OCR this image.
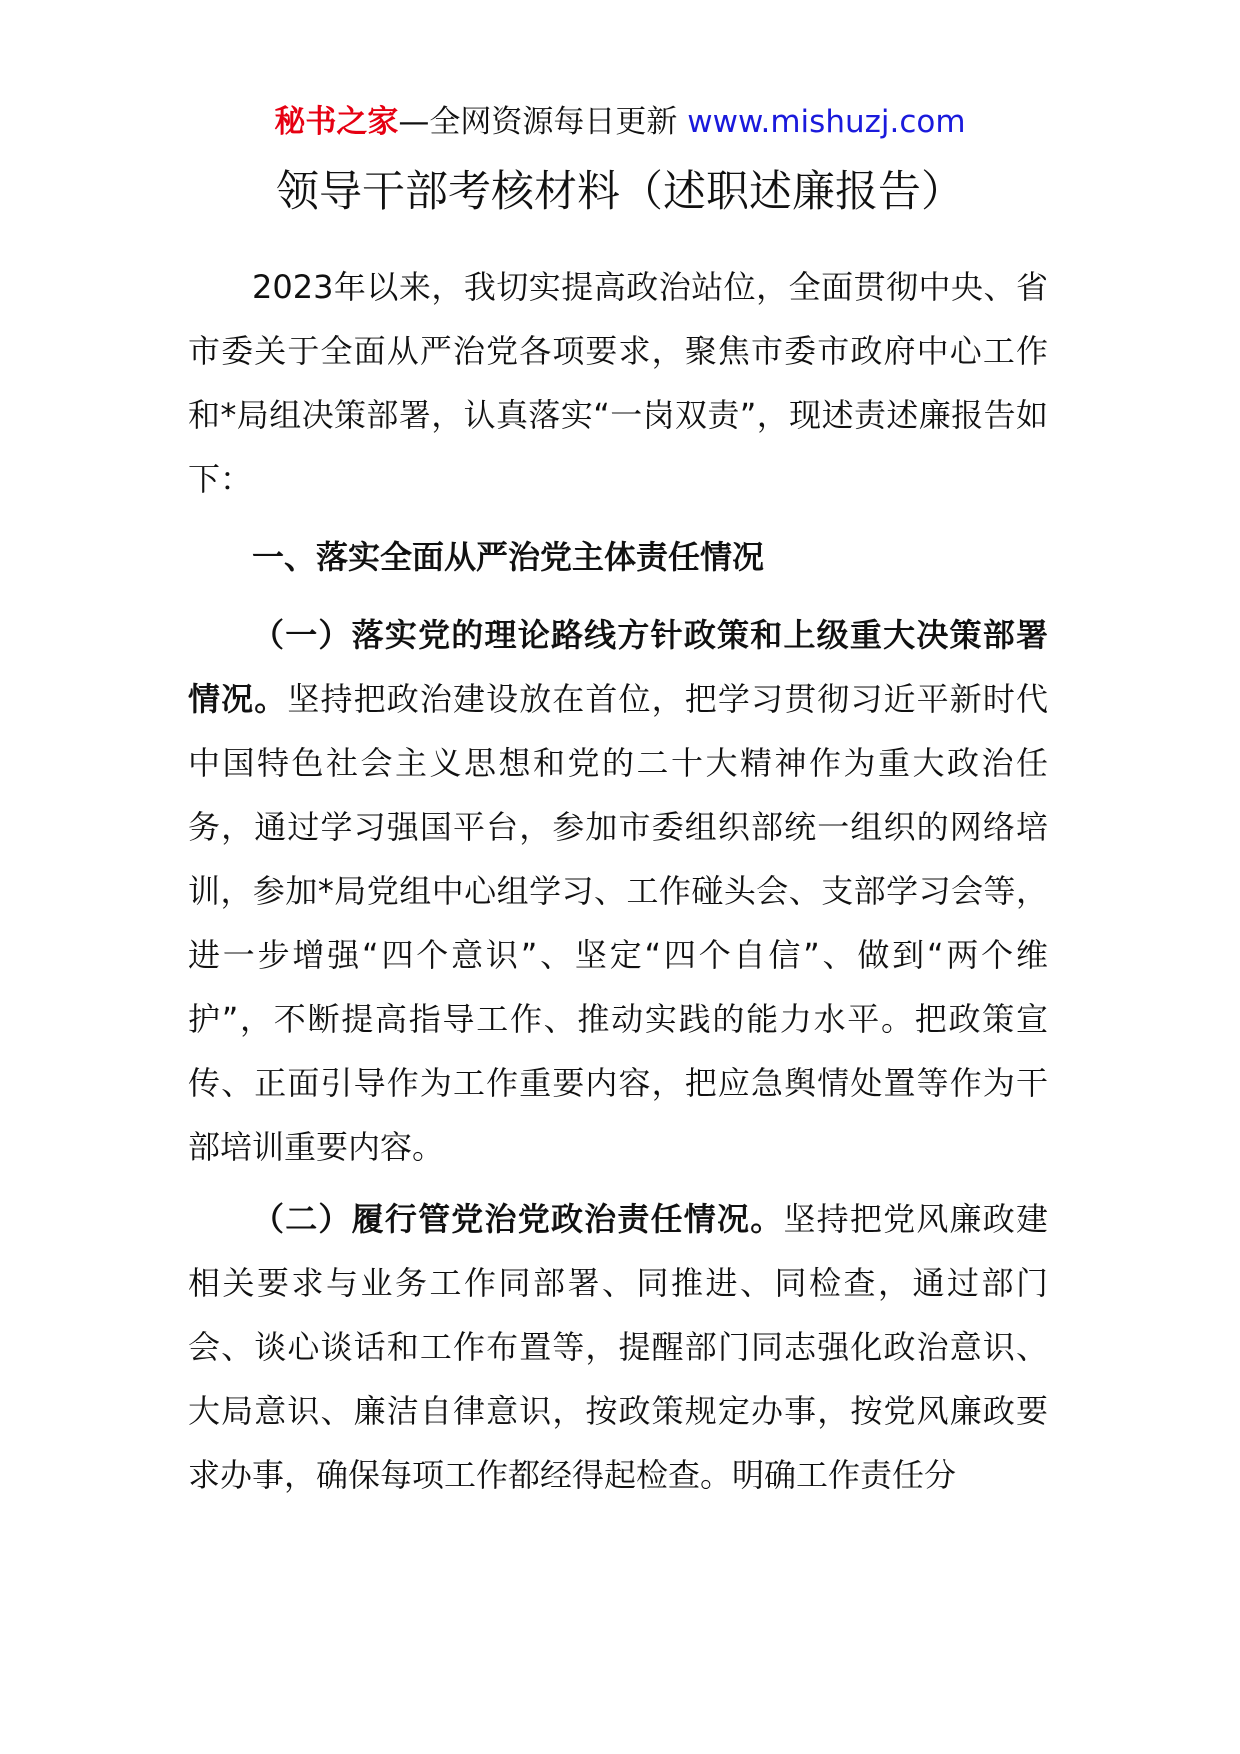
秘书之家—全网资源每日更新 www.mishuzj.com
领导干部考核材料（述职述廉报告）

2023年以来，我切实提高政治站位，全面贯彻中央、省市委关于全面从严治党各项要求，聚焦市委市政府中心工作和*局组决策部署，认真落实“一岗双责”，现述责述廉报告如下：

一、落实全面从严治党主体责任情况

（一）落实党的理论路线方针政策和上级重大决策部署情况。坚持把政治建设放在首位，把学习贯彻习近平新时代中国特色社会主义思想和党的二十大精神作为重大政治任务，通过学习强国平台，参加市委组织部统一组织的网络培训，参加*局党组中心组学习、工作碰头会、支部学习会等，进一步增强“四个意识”、坚定“四个自信”、做到“两个维护”，不断提高指导工作、推动实践的能力水平。把政策宣传、正面引导作为工作重要内容，把应急舆情处置等作为干部培训重要内容。

（二）履行管党治党政治责任情况。坚持把党风廉政建相关要求与业务工作同部署、同推进、同检查，通过部门会、谈心谈话和工作布置等，提醒部门同志强化政治意识、大局意识、廉洁自律意识，按政策规定办事，按党风廉政要求办事，确保每项工作都经得起检查。明确工作责任分
